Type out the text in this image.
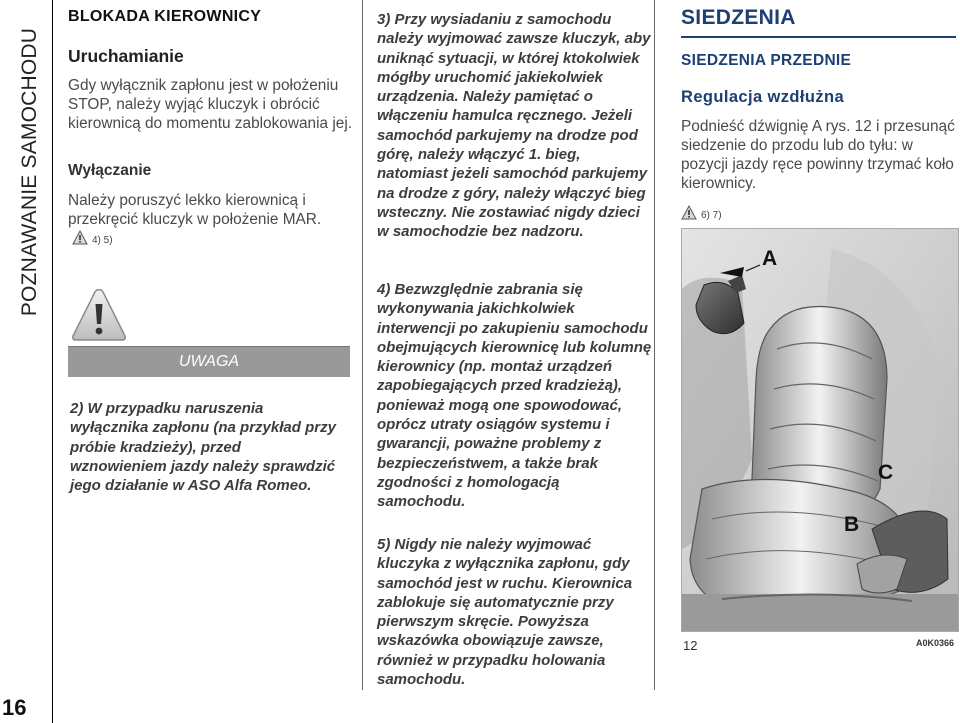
POZNAWANIE SAMOCHODU
16
BLOKADA KIEROWNICY
Uruchamianie
Gdy wyłącznik zapłonu jest w położeniu STOP, należy wyjąć kluczyk i obrócić kierownicą do momentu zablokowania jej.
Wyłączanie
Należy poruszyć lekko kierownicą i przekręcić kluczyk w położenie MAR.
4) 5)
UWAGA
2) W przypadku naruszenia wyłącznika zapłonu (na przykład przy próbie kradzieży), przed wznowieniem jazdy należy sprawdzić jego działanie w ASO Alfa Romeo.
3) Przy wysiadaniu z samochodu należy wyjmować zawsze kluczyk, aby uniknąć sytuacji, w której ktokolwiek mógłby uruchomić jakiekolwiek urządzenia. Należy pamiętać o włączeniu hamulca ręcznego. Jeżeli samochód parkujemy na drodze pod górę, należy włączyć 1. bieg, natomiast jeżeli samochód parkujemy na drodze z góry, należy włączyć bieg wsteczny. Nie zostawiać nigdy dzieci w samochodzie bez nadzoru.
4) Bezwzględnie zabrania się wykonywania jakichkolwiek interwencji po zakupieniu samochodu obejmujących kierownicę lub kolumnę kierownicy (np. montaż urządzeń zapobiegających przed kradzieżą), ponieważ mogą one spowodować, oprócz utraty osiągów systemu i gwarancji, poważne problemy z bezpieczeństwem, a także brak zgodności z homologacją samochodu.
5) Nigdy nie należy wyjmować kluczyka z wyłącznika zapłonu, gdy samochód jest w ruchu. Kierownica zablokuje się automatycznie przy pierwszym skręcie. Powyższa wskazówka obowiązuje zawsze, również w przypadku holowania samochodu.
SIEDZENIA
SIEDZENIA PRZEDNIE
Regulacja wzdłużna
Podnieść dźwignię A rys. 12 i przesunąć siedzenie do przodu lub do tyłu: w pozycji jazdy ręce powinny trzymać koło kierownicy.
6) 7)
A
C
B
12	A0K0366
